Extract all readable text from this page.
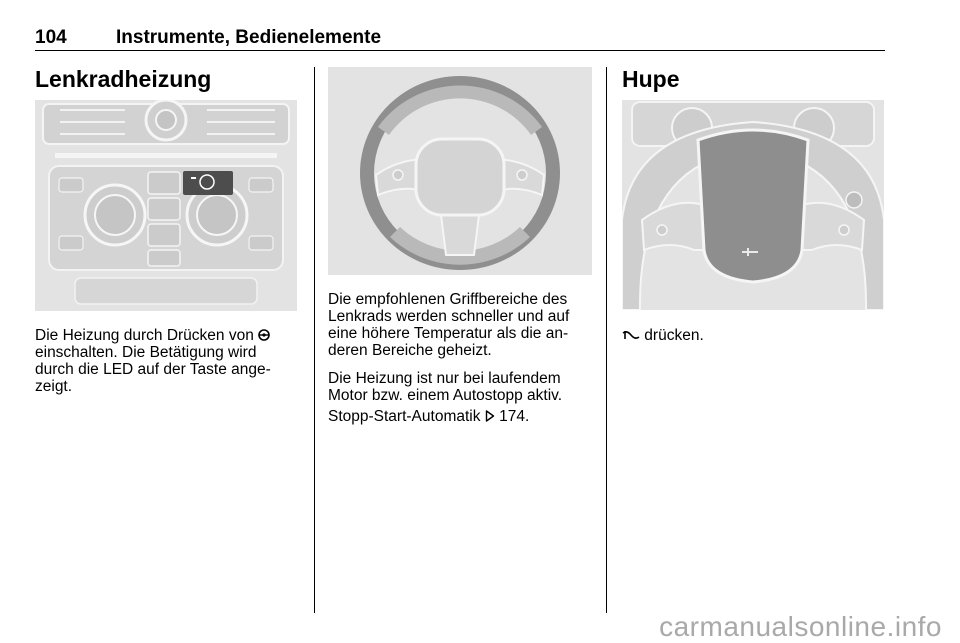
104	Instrumente, Bedienelemente
Lenkradheizung

Die Heizung durch Drücken von
einschalten. Die Betätigung wird
durch die LED auf der Taste ange-
zeigt.

Die empfohlenen Griffbereiche des
Lenkrads werden schneller und auf
eine höhere Temperatur als die an-
deren Bereiche geheizt.

Die Heizung ist nur bei laufendem
Motor bzw. einem Autostopp aktiv.

Stopp-Start-Automatik  174.

Hupe

drücken.

carmanualsonline.info
